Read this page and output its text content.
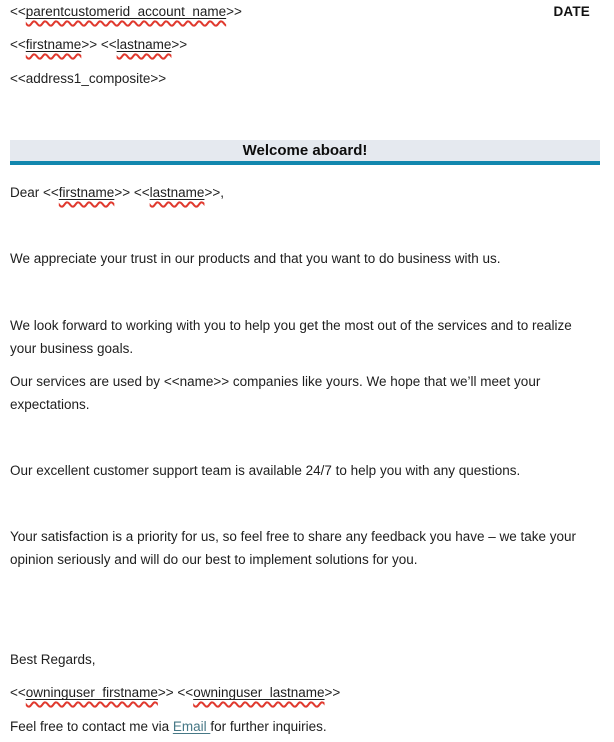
<<parentcustomerid_account_name>>	DATE

<<firstname>> <<lastname>>

<<address1_composite>>

Welcome aboard!

Dear <<firstname>> <<lastname>>,

We appreciate your trust in our products and that you want to do business with us.

We look forward to working with you to help you get the most out of the services and to realize your business goals.

Our services are used by <<name>> companies like yours. We hope that we’ll meet your expectations.

Our excellent customer support team is available 24/7 to help you with any questions.

Your satisfaction is a priority for us, so feel free to share any feedback you have – we take your opinion seriously and will do our best to implement solutions for you.

Best Regards,

<<owninguser_firstname>> <<owninguser_lastname>>

Feel free to contact me via Email for further inquiries.
